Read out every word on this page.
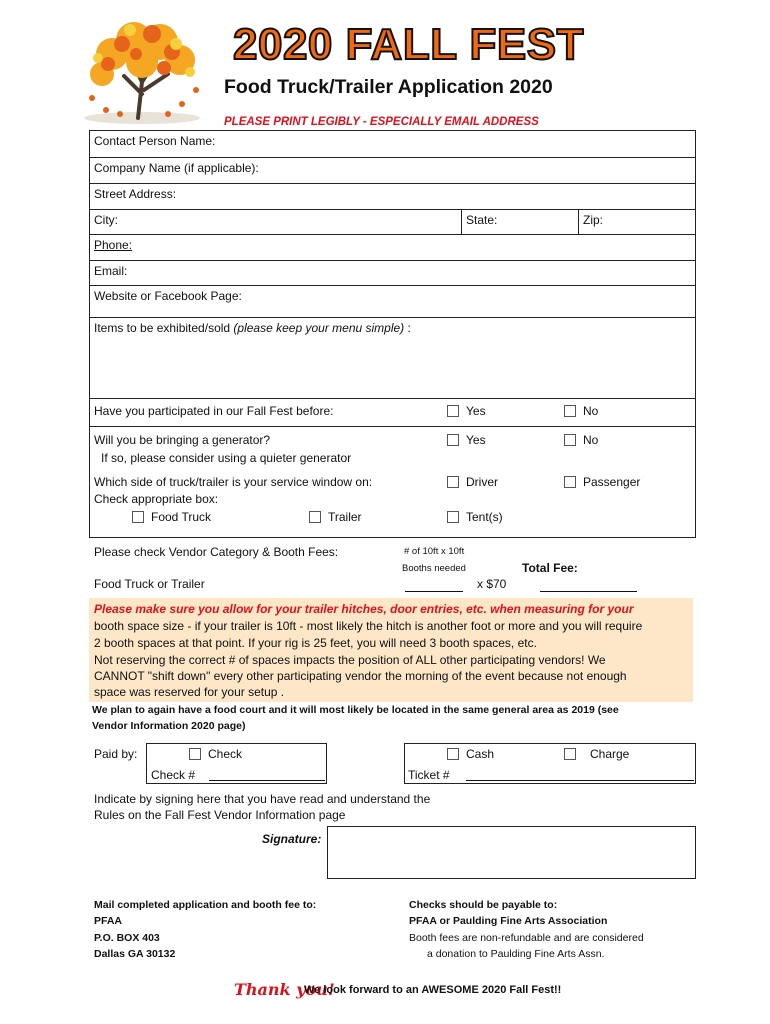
2020 FALL FEST
Food Truck/Trailer Application 2020
PLEASE PRINT LEGIBLY - ESPECIALLY EMAIL ADDRESS
Contact Person Name:
Company Name (if applicable):
Street Address:
City:	State:	Zip:
Phone:
Email:
Website or Facebook Page:
Items to be exhibited/sold (please keep your menu simple) :
Have you participated in our Fall Fest before:	Yes	No
Will you be bringing a generator?
If so, please consider using a quieter generator
Yes	No
Which side of truck/trailer is your service window on:	Driver	Passenger
Check appropriate box:
Food Truck	Trailer	Tent(s)
Please check Vendor Category & Booth Fees:	# of 10ft x 10ft
Booths needed	Total Fee:
Food Truck or Trailer	x $70
Please make sure you allow for your trailer hitches, door entries, etc. when measuring for your
booth space size - if your trailer is 10ft - most likely the hitch is another foot or more and you will require
2 booth spaces at that point. If your rig is 25 feet, you will need 3 booth spaces, etc.
Not reserving the correct # of spaces impacts the position of ALL other participating vendors! We
CANNOT "shift down" every other participating vendor the morning of the event because not enough
space was reserved for your setup .
We plan to again have a food court and it will most likely be located in the same general area as 2019 (see
Vendor Information 2020 page)
Paid by:	Check
Check #
Cash	Charge
Ticket #
Indicate by signing here that you have read and understand the
Rules on the Fall Fest Vendor Information page
Signature:
Mail completed application and booth fee to:
PFAA
P.O. BOX 403
Dallas GA 30132
Checks should be payable to:
PFAA or Paulding Fine Arts Association
Booth fees are non-refundable and are considered
a donation to Paulding Fine Arts Assn.
Thank you!
We look forward to an AWESOME 2020 Fall Fest!!
